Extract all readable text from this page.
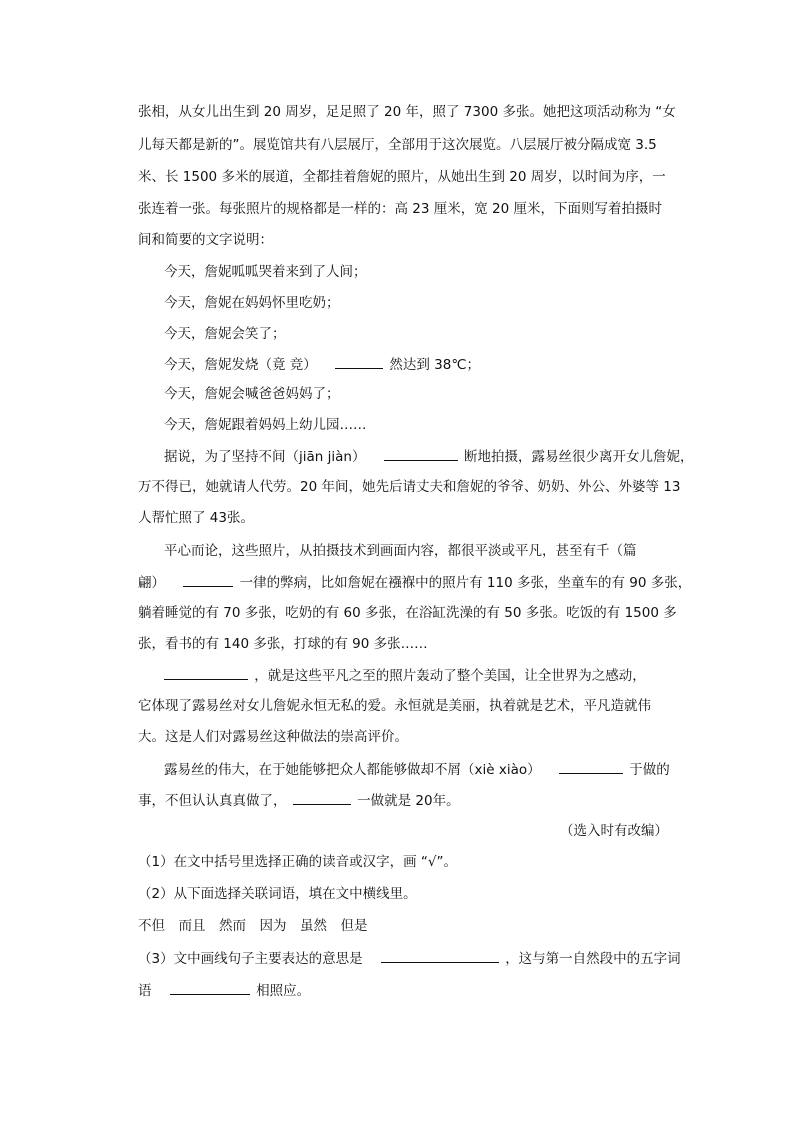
张相，从女儿出生到 20 周岁，足足照了 20 年，照了 7300 多张。她把这项活动称为 “女
儿每天都是新的”。展览馆共有八层展厅，全部用于这次展览。八层展厅被分隔成宽 3.5
米、长 1500 多米的展道，全都挂着詹妮的照片，从她出生到 20 周岁，以时间为序，一
张连着一张。每张照片的规格都是一样的：高 23 厘米，宽 20 厘米，下面则写着拍摄时
间和简要的文字说明：
今天，詹妮呱呱哭着来到了人间；
今天，詹妮在妈妈怀里吃奶；
今天，詹妮会笑了；
今天，詹妮发烧（竟 竞）	然达到 38℃；
今天，詹妮会喊爸爸妈妈了；
今天，詹妮跟着妈妈上幼儿园……
据说，为了坚持不间（jiān jiàn）	断地拍摄，露易丝很少离开女儿詹妮，
万不得已，她就请人代劳。20 年间，她先后请丈夫和詹妮的爷爷、奶奶、外公、外婆等 13
人帮忙照了 43张。
平心而论，这些照片，从拍摄技术到画面内容，都很平淡或平凡，甚至有千（篇
翩）	一律的弊病，比如詹妮在襁褓中的照片有 110 多张，坐童车的有 90 多张，
躺着睡觉的有 70 多张，吃奶的有 60 多张，在浴缸洗澡的有 50 多张。吃饭的有 1500 多
张，看书的有 140 多张，打球的有 90 多张……
，就是这些平凡之至的照片轰动了整个美国，让全世界为之感动，
它体现了露易丝对女儿詹妮永恒无私的爱。永恒就是美丽，执着就是艺术，平凡造就伟
大。这是人们对露易丝这种做法的崇高评价。
露易丝的伟大，在于她能够把众人都能够做却不屑（xiè xiào）	于做的
事，不但认认真真做了，	一做就是 20年。
（选入时有改编）
（1）在文中括号里选择正确的读音或汉字，画 “√”。
（2）从下面选择关联词语，填在文中横线里。
不但　而且　然而　因为　虽然　但是
（3）文中画线句子主要表达的意思是	，这与第一自然段中的五字词
语	相照应。
